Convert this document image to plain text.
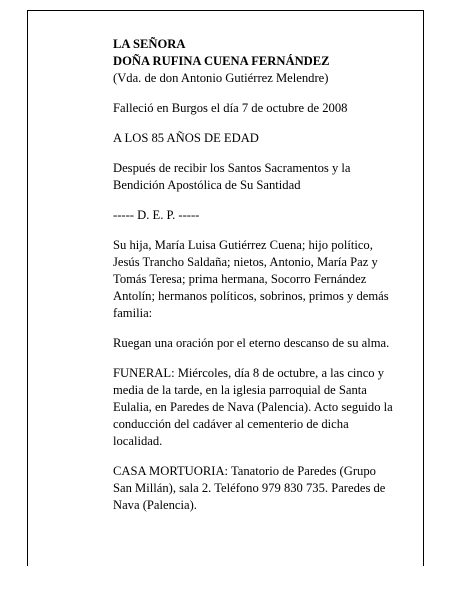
LA SEÑORA

DOÑA RUFINA CUENA FERNÁNDEZ

(Vda. de don Antonio Gutiérrez Melendre)

Falleció en Burgos el día 7 de octubre de 2008

A LOS 85 AÑOS DE EDAD

Después de recibir los Santos Sacramentos y la

Bendición Apostólica de Su Santidad

----- D. E. P. -----

Su hija, María Luisa Gutiérrez Cuena; hijo político,

Jesús Trancho Saldaña; nietos, Antonio, María Paz y

Tomás Teresa; prima hermana, Socorro Fernández

Antolín; hermanos políticos, sobrinos, primos y demás

familia:

Ruegan una oración por el eterno descanso de su alma.

FUNERAL: Miércoles, día 8 de octubre, a las cinco y

media de la tarde, en la iglesia parroquial de Santa

Eulalia, en Paredes de Nava (Palencia). Acto seguido la

conducción del cadáver al cementerio de dicha

localidad.

CASA MORTUORIA: Tanatorio de Paredes (Grupo

San Millán), sala 2. Teléfono 979 830 735. Paredes de

Nava (Palencia).
